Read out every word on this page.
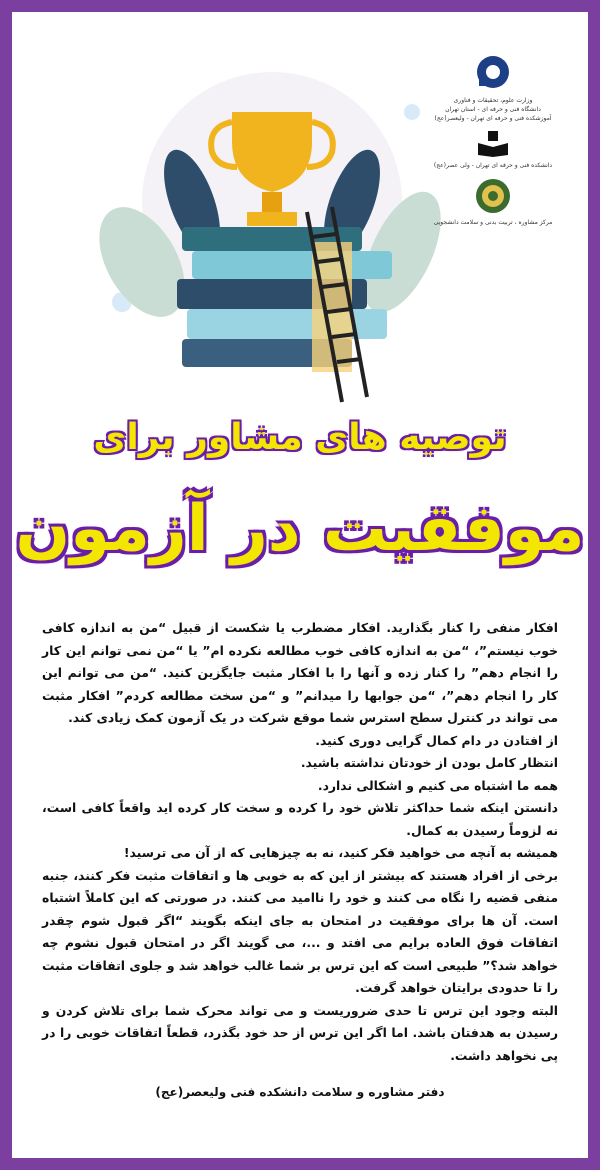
وزارت علوم، تحقیقات و فناوری
دانشگاه فنی و حرفه ای - استان تهران
آموزشکده فنی و حرفه ای تهران - ولیعصر(عج)
دانشکده فنی و حرفه ای تهران - ولی عصر(عج)
مرکز مشاوره ، تربیت بدنی و سلامت دانشجویی
توصیه های مشاور برای
موفقیت در آزمون

افکار منفی را کنار بگذارید. افکار مضطرب یا شکست از قبیل “من به اندازه کافی خوب نیستم”، “من به اندازه کافی خوب مطالعه نکرده ام” یا “من نمی توانم این کار را انجام دهم” را کنار زده و آنها را با افکار مثبت جایگزین کنید. “من می توانم این کار را انجام دهم”، “من جوابها را میدانم” و “من سخت مطالعه کردم” افکار مثبت می تواند در کنترل سطح استرس شما موقع شرکت در یک آزمون کمک زیادی کند.

از افتادن در دام کمال گرایی دوری کنید.

انتظار کامل بودن از خودتان نداشته باشید.

همه ما اشتباه می کنیم و اشکالی ندارد.

دانستن اینکه شما حداکثر تلاش خود را کرده و سخت کار کرده اید واقعاً کافی است، نه لزوماً رسیدن به کمال.

همیشه به آنچه می خواهید فکر کنید، نه به چیزهایی که از آن می ترسید!

برخی از افراد هستند که بیشتر از این که به خوبی ها و اتفاقات مثبت فکر کنند، جنبه منفی قضیه را نگاه می کنند و خود را ناامید می کنند. در صورتی که این کاملاً اشتباه است. آن ها برای موفقیت در امتحان به جای اینکه بگویند “اگر قبول شوم چقدر اتفاقات فوق العاده برایم می افتد و ...، می گویند اگر در امتحان قبول نشوم چه خواهد شد؟” طبیعی است که این ترس بر شما غالب خواهد شد و جلوی اتفاقات مثبت را تا حدودی برایتان خواهد گرفت.

البته وجود این ترس تا حدی ضروریست و می تواند محرک شما برای تلاش کردن و رسیدن به هدفتان باشد. اما اگر این ترس از حد خود بگذرد، قطعاً اتفاقات خوبی را در پی نخواهد داشت.

دفتر مشاوره و سلامت دانشکده فنی ولیعصر(عج)
